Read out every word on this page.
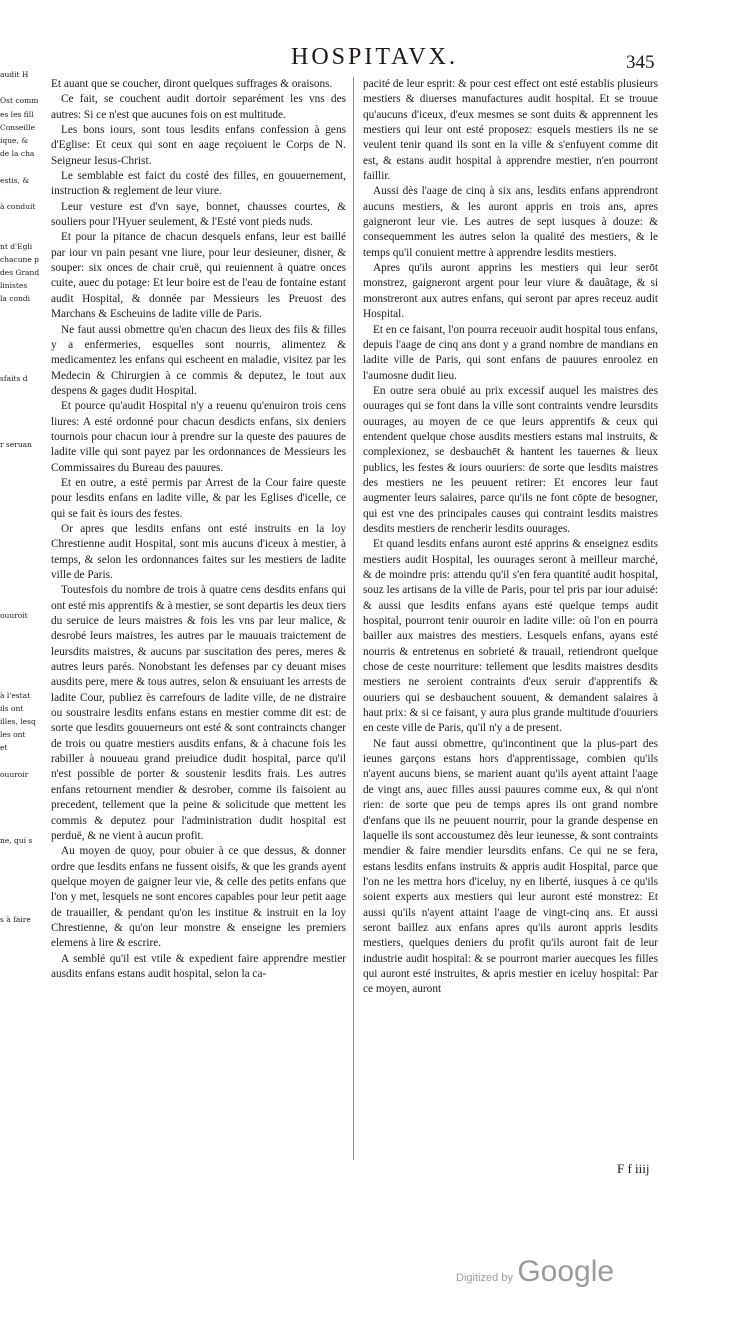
HOSPITAVX.	345
audit H

Ost comm
es les fill
Conseille
ique, &
de la cha

estis, &

à conduit

nt d'Egli
chacune p
des Grand
linistes
la condi

sfaits d

r seruan

ouuroit

à l'estat
ils ont
illes, lesq
les ont
et

ouuroir

ne, qui s

s à faire

Et auant que se coucher, diront quelques suffrages & oraisons.

Ce fait, se couchent audit dortoir separément les vns des autres: Si ce n'est que aucunes fois on est multitude.

Les bons iours, sont tous lesdits enfans confession à gens d'Eglise: Et ceux qui sont en aage reçoiuent le Corps de N. Seigneur Iesus-Christ.

Le semblable est faict du costé des filles, en gouuernement, instruction & reglement de leur viure.

Leur vesture est d'vn saye, bonnet, chausses courtes, & souliers pour l'Hyuer seulement, & l'Esté vont pieds nuds.

Et pour la pitance de chacun desquels enfans, leur est baillé par iour vn pain pesant vne liure, pour leur desieuner, disner, & souper: six onces de chair cruë, qui reuiennent à quatre onces cuite, auec du potage: Et leur boire est de l'eau de fontaine estant audit Hospital, & donnée par Messieurs les Preuost des Marchans & Escheuins de ladite ville de Paris.

Ne faut aussi obmettre qu'en chacun des lieux des fils & filles y a enfermeries, esquelles sont nourris, alimentez & medicamentez les enfans qui escheent en maladie, visitez par les Medecin & Chirurgien à ce commis & deputez, le tout aux despens & gages dudit Hospital.

Et pource qu'audit Hospital n'y a reuenu qu'enuiron trois cens liures: A esté ordonné pour chacun desdicts enfans, six deniers tournois pour chacun iour à prendre sur la queste des pauures de ladite ville qui sont payez par les ordonnances de Messieurs les Commissaires du Bureau des pauures.

Et en outre, a esté permis par Arrest de la Cour faire queste pour lesdits enfans en ladite ville, & par les Eglises d'icelle, ce qui se fait ès iours des festes.

Or apres que lesdits enfans ont esté instruits en la loy Chrestienne audit Hospital, sont mis aucuns d'iceux à mestier, à temps, & selon les ordonnances faites sur les mestiers de ladite ville de Paris.

Toutesfois du nombre de trois à quatre cens desdits enfans qui ont esté mis apprentifs & à mestier, se sont departis les deux tiers du seruice de leurs maistres & fois les vns par leur malice, & desrobé leurs maistres, les autres par le mauuais traictement de leursdits maistres, & aucuns par suscitation des peres, meres & autres leurs parés. Nonobstant les defenses par cy deuant mises ausdits pere, mere & tous autres, selon & ensuiuant les arrests de ladite Cour, publiez ès carrefours de ladite ville, de ne distraire ou soustraire lesdits enfans estans en mestier comme dit est: de sorte que lesdits gouuerneurs ont esté & sont contraincts changer de trois ou quatre mestiers ausdits enfans, & à chacune fois les rabiller à nouueau grand preiudice dudit hospital, parce qu'il n'est possible de porter & soustenir lesdits frais. Les autres enfans retournent mendier & desrober, comme ils faisoient au precedent, tellement que la peine & solicitude que mettent les commis & deputez pour l'administration dudit hospital est perduë, & ne vient à aucun profit.

Au moyen de quoy, pour obuier à ce que dessus, & donner ordre que lesdits enfans ne fussent oisifs, & que les grands ayent quelque moyen de gaigner leur vie, & celle des petits enfans que l'on y met, lesquels ne sont encores capables pour leur petit aage de trauailler, & pendant qu'on les institue & instruit en la loy Chrestienne, & qu'on leur monstre & enseigne les premiers elemens à lire & escrire.

A semblé qu'il est vtile & expedient faire apprendre mestier ausdits enfans estans audit hospital, selon la ca-

pacité de leur esprit: & pour cest effect ont esté establis plusieurs mestiers & diuerses manufactures audit hospital. Et se trouue qu'aucuns d'iceux, d'eux mesmes se sont duits & apprennent les mestiers qui leur ont esté proposez: esquels mestiers ils ne se veulent tenir quand ils sont en la ville & s'enfuyent comme dit est, & estans audit hospital à apprendre mestier, n'en pourront faillir.

Aussi dès l'aage de cinq à six ans, lesdits enfans apprendront aucuns mestiers, & les auront appris en trois ans, apres gaigneront leur vie. Les autres de sept iusques à douze: & consequemment les autres selon la qualité des mestiers, & le temps qu'il conuient mettre à apprendre lesdits mestiers.

Apres qu'ils auront apprins les mestiers qui leur serōt monstrez, gaigneront argent pour leur viure & dauãtage, & si monstreront aux autres enfans, qui seront par apres receuz audit Hospital.

Et en ce faisant, l'on pourra receuoir audit hospital tous enfans, depuis l'aage de cinq ans dont y a grand nombre de mandians en ladite ville de Paris, qui sont enfans de pauures enroolez en l'aumosne dudit lieu.

En outre sera obuié au prix excessif auquel les maistres des ouurages qui se font dans la ville sont contraints vendre leursdits ouurages, au moyen de ce que leurs apprentifs & ceux qui entendent quelque chose ausdits mestiers estans mal instruits, & complexionez, se desbauchēt & hantent les tauernes & lieux publics, les festes & iours ouuriers: de sorte que lesdits maistres des mestiers ne les peuuent retirer: Et encores leur faut augmenter leurs salaires, parce qu'ils ne font cōpte de besogner, qui est vne des principales causes qui contraint lesdits maistres desdits mestiers de rencherir lesdits ouurages.

Et quand lesdits enfans auront esté apprins & enseignez esdits mestiers audit Hospital, les ouurages seront à meilleur marché, & de moindre pris: attendu qu'il s'en fera quantité audit hospital, souz les artisans de la ville de Paris, pour tel pris par iour aduisé: & aussi que lesdits enfans ayans esté quelque temps audit hospital, pourront tenir ouuroir en ladite ville: où l'on en pourra bailler aux maistres des mestiers. Lesquels enfans, ayans esté nourris & entretenus en sobrieté & trauail, retiendront quelque chose de ceste nourriture: tellement que lesdits maistres desdits mestiers ne seroient contraints d'eux seruir d'apprentifs & ouuriers qui se desbauchent souuent, & demandent salaires à haut prix: & si ce faisant, y aura plus grande multitude d'ouuriers en ceste ville de Paris, qu'il n'y a de present.

Ne faut aussi obmettre, qu'incontinent que la plus-part des ieunes garçons estans hors d'apprentissage, combien qu'ils n'ayent aucuns biens, se marient auant qu'ils ayent attaint l'aage de vingt ans, auec filles aussi pauures comme eux, & qui n'ont rien: de sorte que peu de temps apres ils ont grand nombre d'enfans que ils ne peuuent nourrir, pour la grande despense en laquelle ils sont accoustumez dès leur ieunesse, & sont contraints mendier & faire mendier leursdits enfans. Ce qui ne se fera, estans lesdits enfans instruits & appris audit Hospital, parce que l'on ne les mettra hors d'iceluy, ny en liberté, iusques à ce qu'ils soient experts aux mestiers qui leur auront esté monstrez: Et aussi qu'ils n'ayent attaint l'aage de vingt-cinq ans. Et aussi seront baillez aux enfans apres qu'ils auront appris lesdits mestiers, quelques deniers du profit qu'ils auront fait de leur industrie audit hospital: & se pourront marier auecques les filles qui auront esté instruites, & apris mestier en iceluy hospital: Par ce moyen, auront

F f iiij
Digitized by Google
